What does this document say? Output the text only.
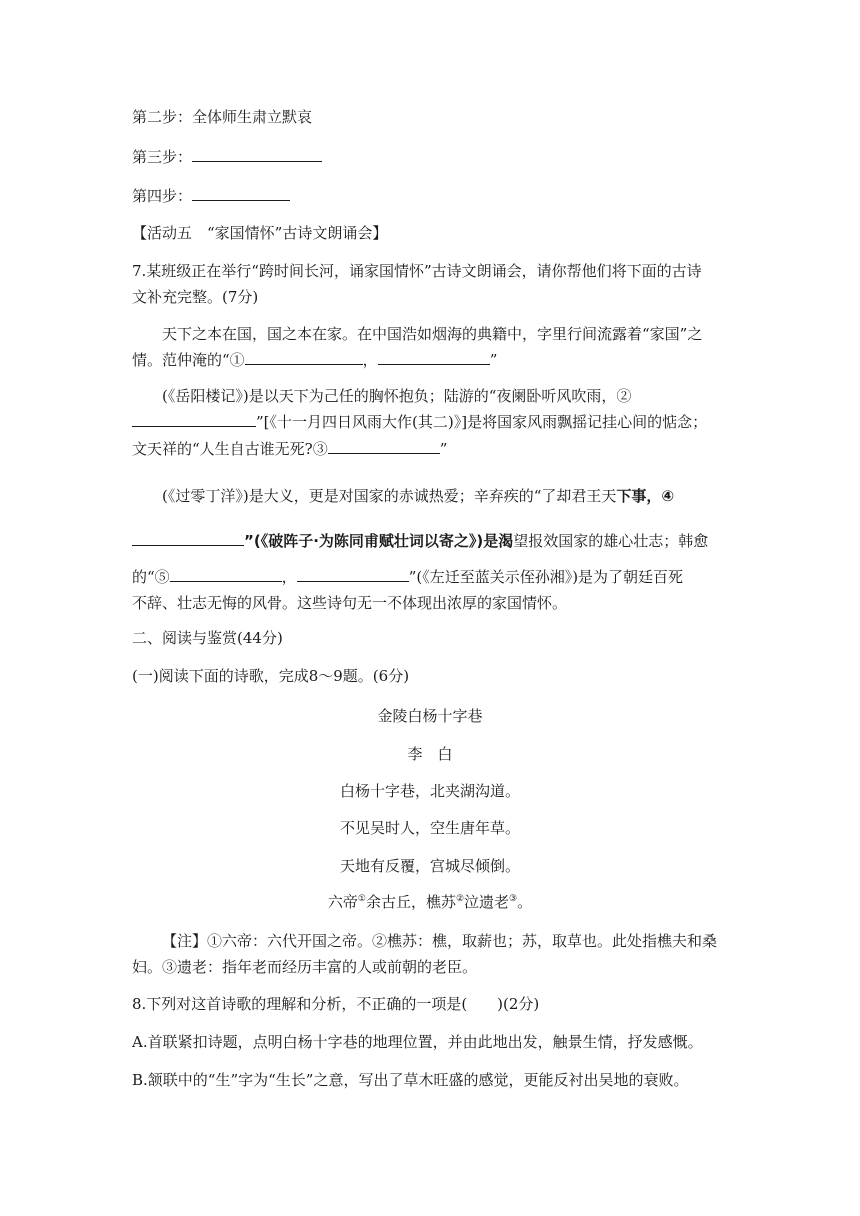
第二步：全体师生肃立默哀
第三步：
第四步：
【活动五　“家国情怀”古诗文朗诵会】
7.某班级正在举行“跨时间长河，诵家国情怀”古诗文朗诵会，请你帮他们将下面的古诗
文补充完整。(7分)
天下之本在国，国之本在家。在中国浩如烟海的典籍中，字里行间流露着“家国”之
情。范仲淹的“①	，	”
(《岳阳楼记》)是以天下为己任的胸怀抱负；陆游的“夜阑卧听风吹雨，②
”[《十一月四日风雨大作(其二)》]是将国家风雨飘摇记挂心间的惦念；
文天祥的“人生自古谁无死?③	”
(《过零丁洋》)是大义，更是对国家的赤诚热爱；辛弃疾的“了却君王天下事，④
”(《破阵子·为陈同甫赋壮词以寄之》)是渴望报效国家的雄心壮志；韩愈
的“⑤	，	”(《左迁至蓝关示侄孙湘》)是为了朝廷百死
不辞、壮志无悔的风骨。这些诗句无一不体现出浓厚的家国情怀。
二、阅读与鉴赏(44分)
(一)阅读下面的诗歌，完成8～9题。(6分)
金陵白杨十字巷
李　白
白杨十字巷，北夹湖沟道。
不见吴时人，空生唐年草。
天地有反覆，宫城尽倾倒。
六帝①余古丘，樵苏②泣遗老③。
【注】①六帝：六代开国之帝。②樵苏：樵，取薪也；苏，取草也。此处指樵夫和桑
妇。③遗老：指年老而经历丰富的人或前朝的老臣。
8.下列对这首诗歌的理解和分析，不正确的一项是(　　)(2分)
A.首联紧扣诗题，点明白杨十字巷的地理位置，并由此地出发，触景生情，抒发感慨。
B.颔联中的“生”字为“生长”之意，写出了草木旺盛的感觉，更能反衬出吴地的衰败。
